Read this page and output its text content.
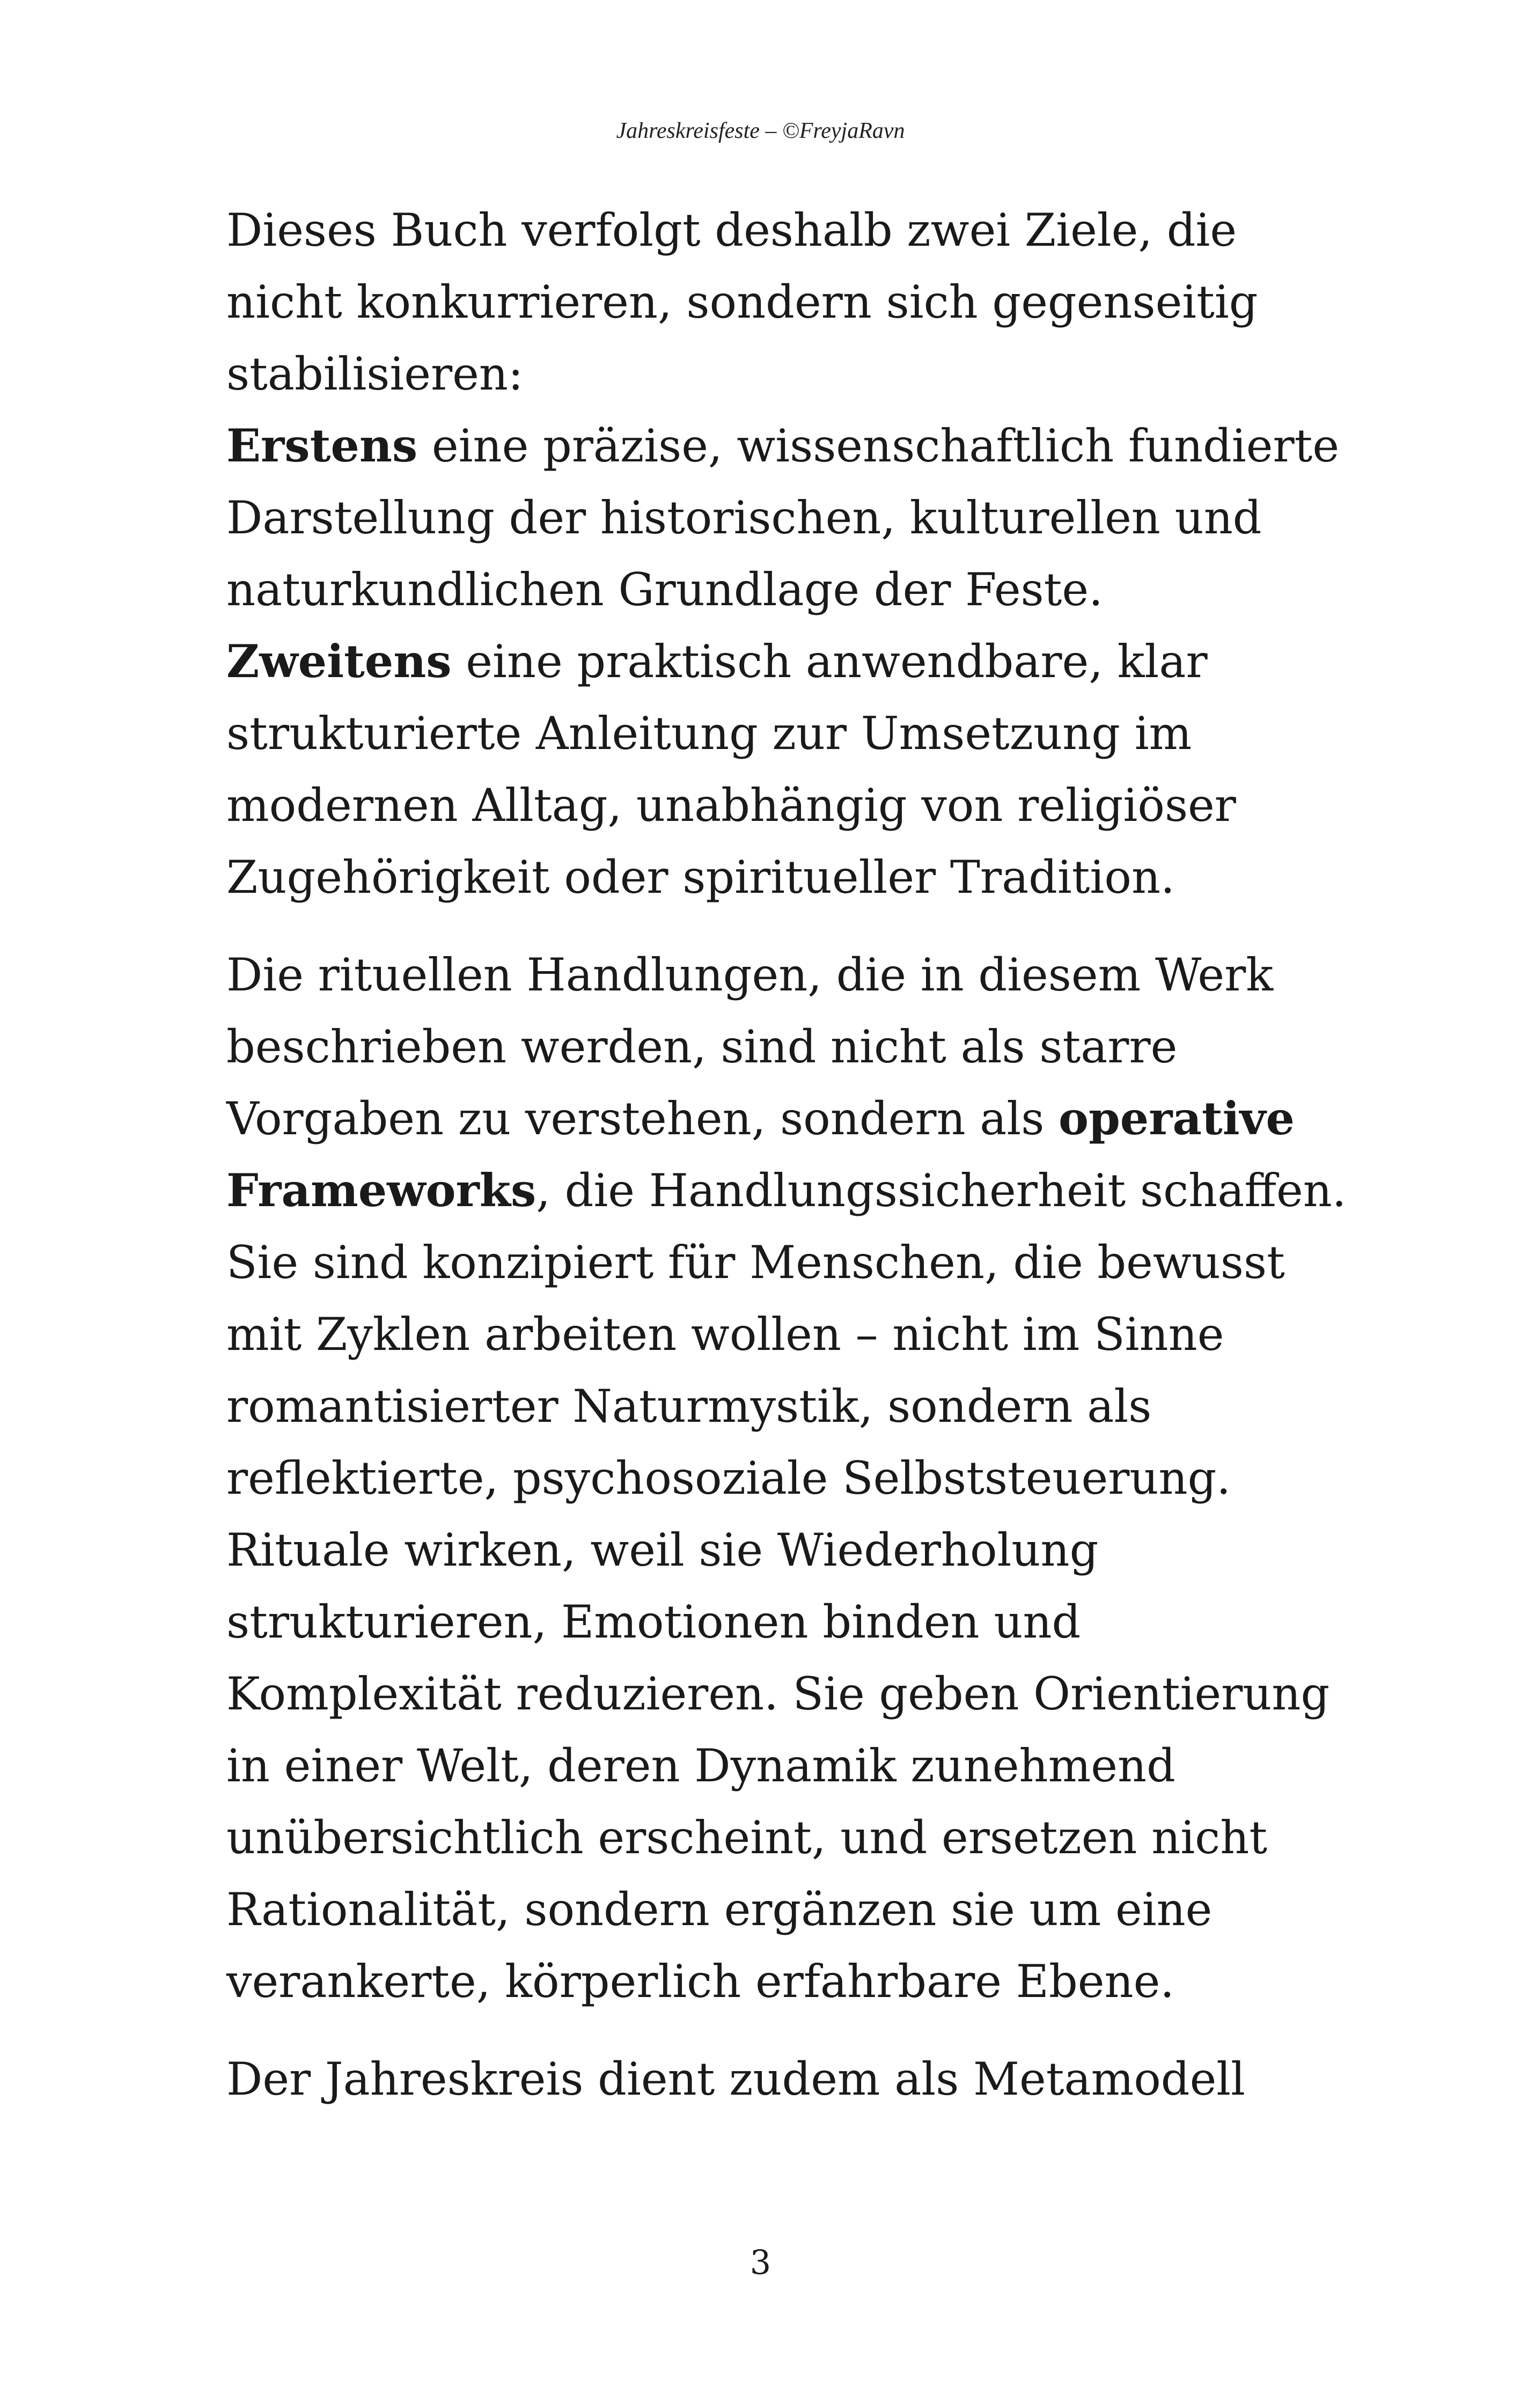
Jahreskreisfeste – ©FreyjaRavn
Dieses Buch verfolgt deshalb zwei Ziele, die
nicht konkurrieren, sondern sich gegenseitig
stabilisieren:
Erstens eine präzise, wissenschaftlich fundierte
Darstellung der historischen, kulturellen und
naturkundlichen Grundlage der Feste.
Zweitens eine praktisch anwendbare, klar
strukturierte Anleitung zur Umsetzung im
modernen Alltag, unabhängig von religiöser
Zugehörigkeit oder spiritueller Tradition.
Die rituellen Handlungen, die in diesem Werk
beschrieben werden, sind nicht als starre
Vorgaben zu verstehen, sondern als operative
Frameworks, die Handlungssicherheit schaffen.
Sie sind konzipiert für Menschen, die bewusst
mit Zyklen arbeiten wollen – nicht im Sinne
romantisierter Naturmystik, sondern als
reflektierte, psychosoziale Selbststeuerung.
Rituale wirken, weil sie Wiederholung
strukturieren, Emotionen binden und
Komplexität reduzieren. Sie geben Orientierung
in einer Welt, deren Dynamik zunehmend
unübersichtlich erscheint, und ersetzen nicht
Rationalität, sondern ergänzen sie um eine
verankerte, körperlich erfahrbare Ebene.
Der Jahreskreis dient zudem als Metamodell
3
